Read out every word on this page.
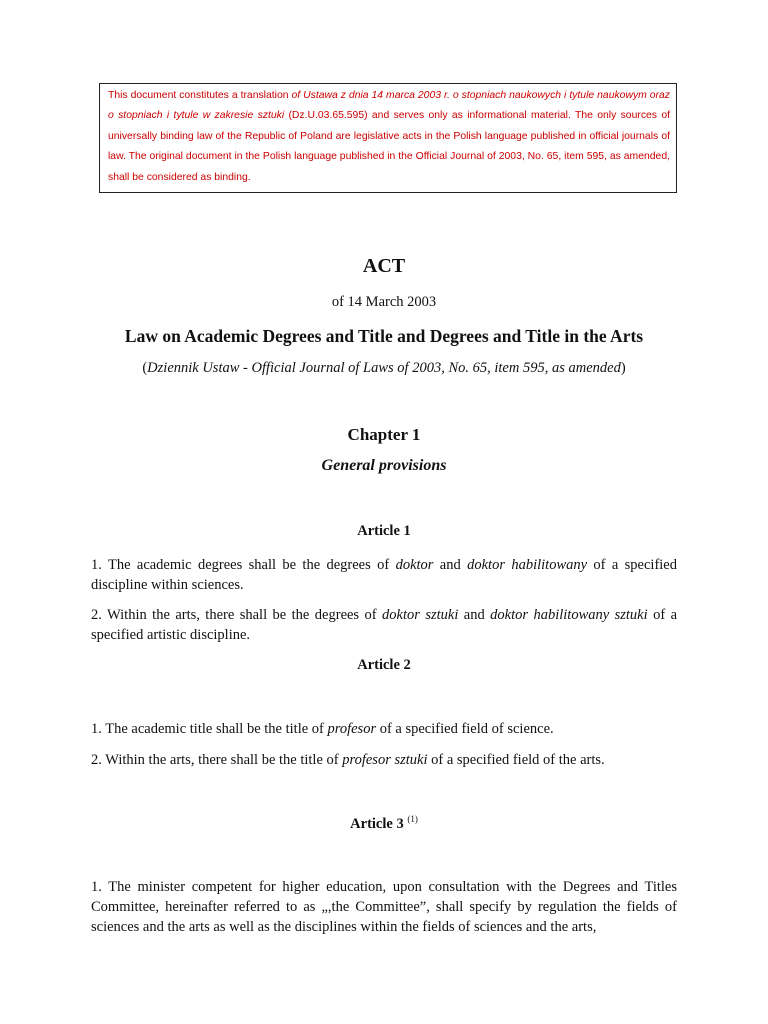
This document constitutes a translation of Ustawa z dnia 14 marca 2003 r. o stopniach naukowych i tytule naukowym oraz o stopniach i tytule w zakresie sztuki (Dz.U.03.65.595) and serves only as informational material. The only sources of universally binding law of the Republic of Poland are legislative acts in the Polish language published in official journals of law. The original document in the Polish language published in the Official Journal of 2003, No. 65, item 595, as amended, shall be considered as binding.
ACT
of 14 March 2003
Law on Academic Degrees and Title and Degrees and Title in the Arts
(Dziennik Ustaw - Official Journal of Laws of 2003, No. 65, item 595, as amended)
Chapter 1
General provisions
Article 1
1. The academic degrees shall be the degrees of doktor and doktor habilitowany of a specified discipline within sciences.
2. Within the arts, there shall be the degrees of doktor sztuki and doktor habilitowany sztuki of a specified artistic discipline.
Article 2
1. The academic title shall be the title of profesor of a specified field of science.
2. Within the arts, there shall be the title of profesor sztuki of a specified field of the arts.
Article 3 $^{(1)}$
1. The minister competent for higher education, upon consultation with the Degrees and Titles Committee, hereinafter referred to as „,the Committee”, shall specify by regulation the fields of sciences and the arts as well as the disciplines within the fields of sciences and the arts,
